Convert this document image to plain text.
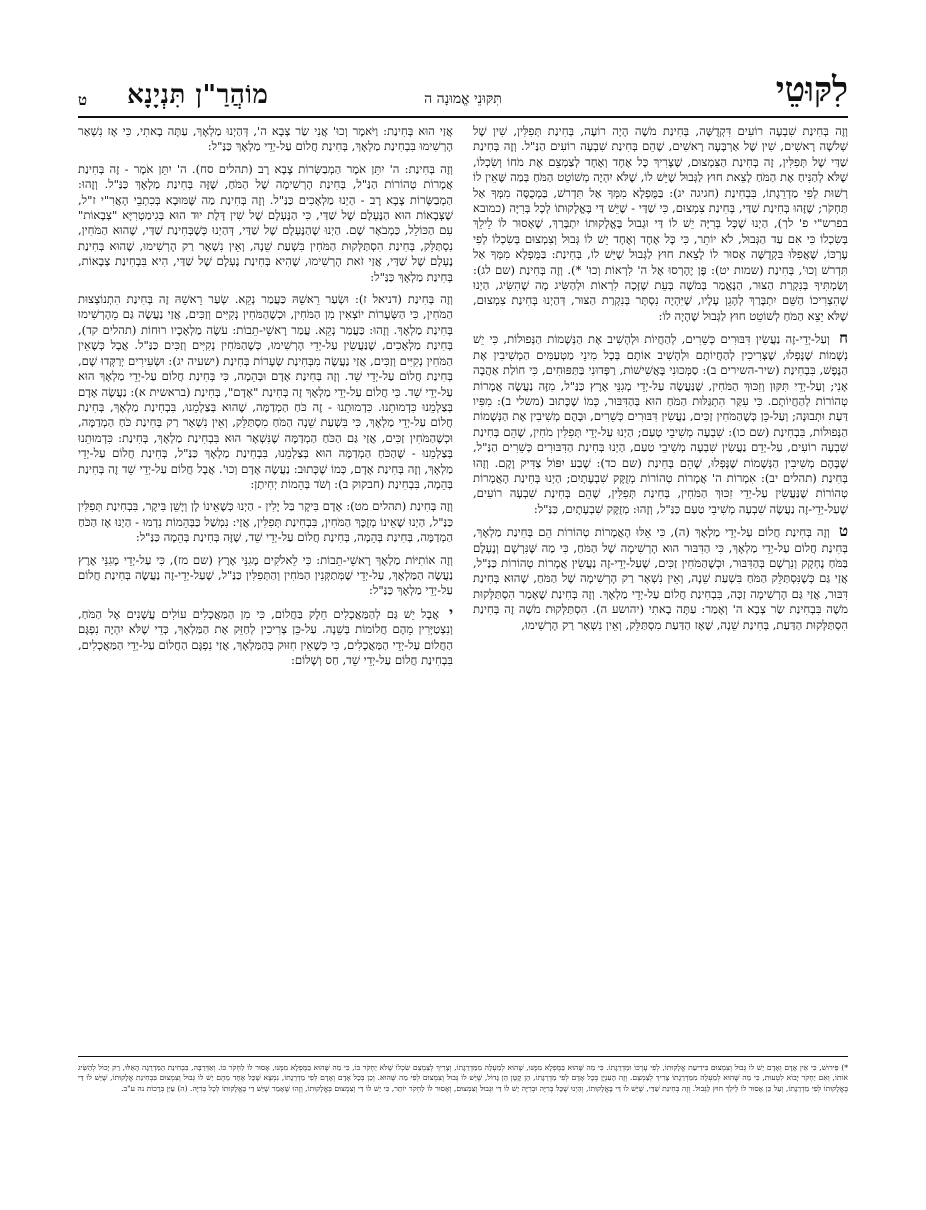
לִקּוּטֵי
תִּקּוּנֵי אֱמוּנָה ה
מוֹהֲרַ"ן תִּנְיָנָא
ט

וְזֶה בְּחִינַת שִׁבְעָה רוֹעִים דִּקְדֻשָּׁה, בְּחִינַת מֹשֶׁה הָיָה רוֹעֶה, בְּחִינַת תְּפִלִּין, שִׁין שֶׁל שְׁלֹשָׁה רָאשִׁים, שִׁין שֶׁל אַרְבָּעָה רָאשִׁים, שֶׁהֵם בְּחִינַת שִׁבְעָה רוֹעִים הַנַּ"ל. וְזֶה בְּחִינַת שַׁדַּי שֶׁל תְּפִלִּין, זֶה בְּחִינַת הַצִּמְצוּם, שֶׁצָּרִיךְ כָּל אֶחָד וְאֶחָד לְצַמְצֵם אֶת מֹחוֹ וְשִׂכְלוֹ, שֶׁלֹּא לְהַנִּיחַ אֶת הַמֹּחַ לָצֵאת חוּץ לַגְּבוּל שֶׁיֵּשׁ לוֹ, שֶׁלֹּא יִהְיֶה מְשׁוֹטֵט הַמֹּחַ בְּמַה שֶּׁאֵין לוֹ רְשׁוּת לְפִי מַדְרֵגָתוֹ, בִּבְחִינַת (חגיגה יג): בַּמֻּפְלָא מִמְּךָ אַל תִּדְרשׁ, בַּמְכֻסֶּה מִמְּךָ אַל תַּחְקֹר; שֶׁזֶּהוּ בְּחִינַת שַׁדַּי, בְּחִינַת צִמְצוּם, כִּי שַׁדַּי - שֶׁיֵּשׁ דַּי בֶּאֱלָקוּתוֹ לְכָל בְּרִיָּה (כמובא בפרש"י פ' לך), הַיְנוּ שֶׁכָּל בְּרִיָּה יֵשׁ לוֹ דַּי וּגְבוּל בֶּאֱלָקוּתוֹ יִתְבָּרַךְ, שֶׁאָסוּר לוֹ לֵילֵךְ בְּשִׂכְלוֹ כִּי אִם עַד הַגְּבוּל, לֹא יוֹתֵר, כִּי כָּל אֶחָד וְאֶחָד יֵשׁ לוֹ גְּבוּל וְצִמְצוּם בְּשִׂכְלוֹ לְפִי עֶרְכּוֹ, שֶׁאֲפִלּוּ בִּקְדֻשָּׁה אָסוּר לוֹ לָצֵאת חוּץ לַגְּבוּל שֶׁיֵּשׁ לוֹ, בְּחִינַת: בַּמֻּפְלָא מִמְּךָ אַל תִּדְרשׁ וְכוּ', בְּחִינַת (שמות יט): פֶּן יֶהֶרְסוּ אֶל ה' לִרְאוֹת וְכוּ' *). וְזֶה בְּחִינַת (שם לג): וְשַׂמְתִּיךָ בְּנִקְרַת הַצּוּר, הַנֶּאֱמַר בְּמֹשֶׁה בְּעֵת שֶׁזָּכָה לִרְאוֹת וּלְהַשִּׂיג מָה שֶׁהִשִּׂיג, הַיְנוּ שֶׁהִצְרִיכוֹ הַשֵּׁם יִתְבָּרַךְ לְהָגֵן עָלָיו, שֶׁיִּהְיֶה נִסְתָּר בְּנִקְרַת הַצּוּר, דְּהַיְנוּ בְּחִינַת צִמְצוּם, שֶׁלֹּא יֵצֵא הַמֹּחַ לְשׁוֹטֵט חוּץ לַגְּבוּל שֶׁהָיָה לוֹ:

ח וְעַל-יְדֵי-זֶה נַעֲשִׂין דִּבּוּרִים כְּשֵׁרִים, לְהַחֲיוֹת וּלְהָשִׁיב אֶת הַנְּשָׁמוֹת הַנְּפוּלוֹת, כִּי יֵשׁ נְשָׁמוֹת שֶׁנָּפְלוּ, שֶׁצְּרִיכִין לְהַחֲיוֹתָם וּלְהָשִׁיב אוֹתָם בְּכָל מִינֵי מַטְעַמִּים הַמְשִׁיבִין אֶת הַנֶּפֶשׁ, בִּבְחִינַת (שיר-השירים ב): סַמְּכוּנִי בָּאֲשִׁישׁוֹת, רַפְּדוּנִי בַּתַּפּוּחִים, כִּי חוֹלַת אַהֲבָה אָנִי; וְעַל-יְדֵי תִּקּוּן וְזִכּוּךְ הַמֹּחִין, שֶׁנַּעֲשָׂה עַל-יְדֵי מְגִנֵּי אֶרֶץ כַּנַּ"ל, מִזֶּה נַעֲשֶׂה אֲמָרוֹת טְהוֹרוֹת לְהַחֲיוֹתָם. כִּי עִקַּר הִתְגַּלּוּת הַמֹּחַ הוּא בְּהַדִּבּוּר, כְּמוֹ שֶׁכָּתוּב (משלי ב): מִפִּיו דַּעַת וּתְבוּנָה; וְעַל-כֵּן כְּשֶׁהַמֹּחִין זַכִּים, נַעֲשִׂין דִּבּוּרִים כְּשֵׁרִים, וּבָהֶם מְשִׁיבִין אֶת הַנְּשָׁמוֹת הַנְּפוּלוֹת, בִּבְחִינַת (שם כו): שִׁבְעָה מְשִׁיבֵי טָעַם; הַיְנוּ עַל-יְדֵי תְּפִלִּין מֹחִין, שֶׁהֵם בְּחִינַת שִׁבְעָה רוֹעִים, עַל-יְדֵם נַעֲשִׂין שִׁבְעָה מְשִׁיבֵי טַעַם, הַיְנוּ בְּחִינַת הַדִּבּוּרִים כְּשֵׁרִים הַנַּ"ל, שֶׁבָּהֶם מְשִׁיבִין הַנְּשָׁמוֹת שֶׁנָּפְלוּ, שֶׁהֵם בְּחִינַת (שם כד): שֶׁבַע יִפּוֹל צַדִּיק וָקָם. וְזֶהוּ בְּחִינַת (תהלים יב): אִמְרוֹת ה' אֲמָרוֹת טְהוֹרוֹת מְזֻקָּק שִׁבְעָתָיִם; הַיְנוּ בְּחִינַת הָאֲמָרוֹת טְהוֹרוֹת שֶׁנַּעֲשִׂין עַל-יְדֵי זִכּוּךְ הַמֹּחִין, בְּחִינַת תְּפִלִּין, שֶׁהֵם בְּחִינַת שִׁבְעָה רוֹעִים, שֶׁעַל-יְדֵי-זֶה נַעֲשֶׂה שִׁבְעָה מְשִׁיבֵי טַעַם כַּנַּ"ל, וְזֶהוּ: מְזֻקָּק שִׁבְעָתָיִם, כַּנַּ"ל:

ט וְזֶה בְּחִינַת חֲלוֹם עַל-יְדֵי מַלְאָךְ (ה), כִּי אֵלּוּ הָאֲמָרוֹת טְהוֹרוֹת הֵם בְּחִינַת מַלְאָךְ, בְּחִינַת חֲלוֹם עַל-יְדֵי מַלְאָךְ, כִּי הַדִּבּוּר הוּא הָרְשִׁימָה שֶׁל הַמֹּחַ, כִּי מַה שֶּׁנִּרְשָׁם וְנֶעְלָם בַּמֹּחַ נֶחְקָק וְנִרְשָׁם בְּהַדִּבּוּר, וּכְשֶׁהַמֹּחִין זַכִּים, שֶׁעַל-יְדֵי-זֶה נַעֲשִׂין אֲמָרוֹת טְהוֹרוֹת כַּנַּ"ל, אֲזַי גַּם כְּשֶׁנִּסְתַּלֵּק הַמֹּחַ בִּשְׁעַת שֵׁנָה, וְאֵין נִשְׁאָר רַק הָרְשִׁימָה שֶׁל הַמֹּחַ, שֶׁהוּא בְּחִינַת דִּבּוּר, אֲזַי גַּם הָרְשִׁימָה זַכָּה, בִּבְחִינַת חֲלוֹם עַל-יְדֵי מַלְאָךְ. וְזֶה בְּחִינַת שֶׁאָמַר הִסְתַּלְּקוּת מֹשֶׁה בִּבְחִינַת שַׂר צְבָא ה' וְאָמַר: עַתָּה בָאתִי (יהושע ה). הִסְתַּלְּקוּת מֹשֶׁה זֶה בְּחִינַת הִסְתַּלְּקוּת הַדַּעַת, בְּחִינַת שֵׁנָה, שֶׁאָז הַדַּעַת מִסְתַּלֵּק, וְאֵין נִשְׁאָר רַק הָרְשִׁימוּ,

אֲזַי הוּא בְּחִינַת: וַיֹּאמֶר וְכוּ' אֲנִי שַׂר צְבָא ה', דְּהַיְנוּ מַלְאָךְ, עַתָּה בָאתִי, כִּי אָז נִשְׁאַר הָרְשִׁימוּ בִּבְחִינַת מַלְאָךְ, בְּחִינַת חֲלוֹם עַל-יְדֵי מַלְאָךְ כַּנַּ"ל:

וְזֶה בְּחִינַת: ה' יִתֵּן אֹמֶר הַמְבַשְּׂרוֹת צָבָא רָב (תהלים סח). ה' יִתֵּן אֹמֶר - זֶה בְּחִינַת אֲמָרוֹת טְהוֹרוֹת הַנַּ"ל, בְּחִינַת הָרְשִׁימָה שֶׁל הַמֹּחַ, שֶׁזֶּה בְּחִינַת מַלְאָךְ כַּנַּ"ל. וְזֶהוּ: הַמְבַשְּׂרוֹת צָבָא רָב - הַיְנוּ מַלְאָכִים כַּנַּ"ל. וְזֶה בְּחִינַת מַה שֶּׁמּוּבָא בְּכִתְבֵי הָאֲרִ"י ז"ל, שֶׁצְּבָאוֹת הוּא הַנֶּעְלָם שֶׁל שַׁדַּי, כִּי הַנֶּעְלָם שֶׁל שִׁין דָּלֶת יוּד הוּא בְּגִימַטְרִיָּא "צְבָאוֹת" עִם הַכּוֹלֵל, כַּמְבֹאָר שָׁם. הַיְנוּ שֶׁהַנֶּעְלָם שֶׁל שַׁדַּי, דְּהַיְנוּ כְּשֶׁבְּחִינַת שַׁדַּי, שֶׁהוּא הַמֹּחִין, נִסְתַּלֵּק, בְּחִינַת הִסְתַּלְּקוּת הַמֹּחִין בִּשְׁעַת שֵׁנָה, וְאֵין נִשְׁאָר רַק הָרְשִׁימוּ, שֶׁהוּא בְּחִינַת נֶעְלָם שֶׁל שַׁדַּי, אֲזַי זֹאת הָרְשִׁימוּ, שֶׁהִיא בְּחִינַת נֶעְלָם שֶׁל שַׁדַּי, הִיא בִּבְחִינַת צְבָאוֹת, בְּחִינַת מַלְאָךְ כַּנַּ"ל:

וְזֶה בְּחִינַת (דניאל ז): וּשְׂעַר רֵאשֵׁהּ כַּעֲמַר נְקֵא. שְׂעַר רֵאשֵׁהּ זֶה בְּחִינַת הִתְנוֹצְצוּת הַמֹּחִין, כִּי הַשְּׂעָרוֹת יוֹצְאִין מִן הַמֹּחִין, וּכְשֶׁהַמֹּחִין נְקִיִּים וְזַכִּים, אֲזַי נַעֲשֶׂה גַּם מֵהָרְשִׁימוּ בְּחִינַת מַלְאָךְ. וְזֶהוּ: כַּעֲמַר נְקֵא. עֲמַר רָאשֵׁי-תֵבוֹת: עֹשֶׂה מַלְאָכָיו רוּחוֹת (תהלים קד), בְּחִינַת מַלְאָכִים, שֶׁנַּעֲשִׂין עַל-יְדֵי הָרְשִׁימוּ, כְּשֶׁהַמֹּחִין נְקִיִּים וְזַכִּים כַּנַּ"ל. אֲבָל כְּשֶׁאֵין הַמֹּחִין נְקִיִּים וְזַכִּים, אֲזַי נַעֲשֶׂה מִבְּחִינַת שְׂעָרוֹת בְּחִינַת (ישעיה יג): וּשְׂעִירִים יְרַקְּדוּ שָׁם, בְּחִינַת חֲלוֹם עַל-יְדֵי שֵׁד. וְזֶה בְּחִינַת אָדָם וּבְהֵמָה, כִּי בְּחִינַת חֲלוֹם עַל-יְדֵי מַלְאָךְ הוּא עַל-יְדֵי שֵׁד. כִּי חֲלוֹם עַל-יְדֵי מַלְאָךְ זֶה בְּחִינַת "אָדָם", בְּחִינַת (בראשית א): נַעֲשֶׂה אָדָם בְּצַלְמֵנוּ כִּדְמוּתֵנוּ. כִּדְמוּתֵנוּ - זֶה כֹּחַ הַמְדַמֶּה, שֶׁהוּא בְּצַלְמֵנוּ, בִּבְחִינַת מַלְאָךְ, בְּחִינַת חֲלוֹם עַל-יְדֵי מַלְאָךְ, כִּי בִּשְׁעַת שֵׁנָה הַמֹּחַ מִסְתַּלֵּק, וְאֵין נִשְׁאָר רַק בְּחִינַת כֹּחַ הַמְדַמֶּה, וּכְשֶׁהַמֹּחִין זַכִּים, אֲזַי גַּם הַכֹּחַ הַמְדַמֶּה שֶׁנִּשְׁאָר הוּא בִּבְחִינַת מַלְאָךְ, בְּחִינַת: כִּדְמוּתֵנוּ בְּצַלְמֵנוּ - שֶׁהַכֹּחַ הַמְדַמֶּה הוּא בְּצַלְמֵנוּ, בִּבְחִינַת מַלְאָךְ כַּנַּ"ל, בְּחִינַת חֲלוֹם עַל-יְדֵי מַלְאָךְ, וְזֶה בְּחִינַת אָדָם, כְּמוֹ שֶׁכָּתוּב: נַעֲשֶׂה אָדָם וְכוּ'. אֲבָל חֲלוֹם עַל-יְדֵי שֵׁד זֶה בְּחִינַת בְּהֵמָה, בִּבְחִינַת (חבקוק ב): וְשֹׁד בְּהֵמוֹת יְחִיתַן:

וְזֶה בְּחִינַת (תהלים מט): אָדָם בִּיקָר בַּל יָלִין - הַיְנוּ כְּשֶׁאֵינוֹ לָן וְיָשֵׁן בִּיקָר, בִּבְחִינַת תְּפִלִּין כַּנַּ"ל, הַיְנוּ שֶׁאֵינוֹ מְזֻכָּךְ הַמֹּחִין, בִּבְחִינַת תְּפִלִּין, אֲזַי: נִמְשַׁל כַּבְּהֵמוֹת נִדְמוּ - הַיְנוּ אָז הַכֹּחַ הַמְדַמֶּה, בְּחִינַת בְּהֵמָה, בְּחִינַת חֲלוֹם עַל-יְדֵי שֵׁד, שֶׁזֶּה בְּחִינַת בְּהֵמָה כַּנַּ"ל:

וְזֶה אוֹתִיּוֹת מַלְאָךְ רָאשֵׁי-תֵבוֹת: כִּי לֵאלֹקִים מָגִנֵּי אֶרֶץ (שם מז), כִּי עַל-יְדֵי מָגִנֵּי אֶרֶץ נַעֲשֶׂה הַמַּלְאָךְ, עַל-יְדֵי שֶׁמְּתַקְּנִין הַמֹּחִין וְהַתְּפִלִּין כַּנַּ"ל, שֶׁעַל-יְדֵי-זֶה נַעֲשֶׂה בְּחִינַת חֲלוֹם עַל-יְדֵי מַלְאָךְ כַּנַּ"ל:

י אֲבָל יֵשׁ גַּם לְהַמַּאֲכָלִים חֵלֶק בַּחֲלוֹם, כִּי מִן הַמַּאֲכָלִים עוֹלִים עֲשָׁנִים אֶל הַמֹּחַ, וְנִצְטַיְּרִין מֵהֶם חֲלוֹמוֹת בְּשֵׁנָה. עַל-כֵּן צְרִיכִין לְחַזֵּק אֶת הַמַּלְאָךְ, כְּדֵי שֶׁלֹּא יִהְיֶה נִפְגָּם הַחֲלוֹם עַל-יְדֵי הַמַּאֲכָלִים, כִּי כְּשֶׁאֵין חִזּוּק בְּהַמַּלְאָךְ, אֲזַי נִפְגָּם הַחֲלוֹם עַל-יְדֵי הַמַּאֲכָלִים, בִּבְחִינַת חֲלוֹם עַל-יְדֵי שֵׁד, חַס וְשָׁלוֹם:

*) פֵּירוּשׁ, כִּי אֵין אָדָם וְאָדָם יֵשׁ לוֹ גְּבוּל וְצִמְצוּם בִּידִיעַת אֱלָקוּתוֹ, לְפִי עֶרְכּוֹ וּמַדְרֵגָתוֹ. כִּי מַה שֶּׁהוּא בַּמֻּפְלָא מִמֶּנּוּ, שֶׁהוּא לְמַעְלָה מִמַּדְרֵגָתוֹ, וְצָרִיךְ לְצַמְצֵם שִׂכְלוֹ שֶׁלֹּא יַחְקֹר בּוֹ, כִּי מַה שֶּׁהוּא בַּמֻּפְלָא מִמֶּנּוּ, אָסוּר לוֹ לַחְקֹר בּוֹ. וְאַדְּרַבָּה, בִּבְחִינַת הַמַּדְרֵגָה הָאֵלּוּ, רַק יָכוֹל לְהַשִּׂיג אוֹתוֹ, וְאִם יַחְקֹר יָבוֹא לִטְעוּת, כִּי מַה שֶּׁהוּא לְמַעְלָה מִמַּדְרֵגָתוֹ צָרִיךְ לְצַמְצֵם. וְזֶה הָעִנְיָן בְּכָל אָדָם לְפִי מַדְרֵגָתוֹ, הֵן קָטָן הֵן גָּדוֹל, שֶׁיֵּשׁ לוֹ גְּבוּל וְצִמְצוּם לְפִי מַה שֶּׁהוּא. וְכֵן בְּכָל אָדָם וְאָדָם לְפִי מַדְרֵגָתוֹ, נִמְצָא שֶׁכָּל אֶחָד מֵהֶם יֵשׁ לוֹ גְּבוּל וְצִמְצוּם בִּבְחִינַת אֱלָקוּתוֹ, שֶׁיֵּשׁ לוֹ דַּי בֶּאֱלָקוּתוֹ לְפִי מַדְרֵגָתוֹ, וְעַל כֵּן אָסוּר לוֹ לֵילֵךְ חוּץ לַגְּבוּל. וְזֶה בְּחִינַת שַׁדַּי, שֶׁיֵּשׁ לוֹ דַּי בֶּאֱלָקוּתוֹ, וְהַיְנוּ שֶׁכָּל בְּרִיָּה וּבְרִיָּה יֵשׁ לוֹ דַּי וּגְבוּל וְצִמְצוּם, וְאָסוּר לוֹ לַחְקֹר יוֹתֵר, כִּי יֵשׁ לוֹ דַּי וְצִמְצוּם בְּאֱלָקוּתוֹ, וְזֶהוּ שֶׁאָמַר שֶׁיֵּשׁ דַּי בֶּאֱלָקוּתוֹ לְכָל בְּרִיָּה. (ה) עַיֵּן בְּרָכוֹת נה ע"ב.
